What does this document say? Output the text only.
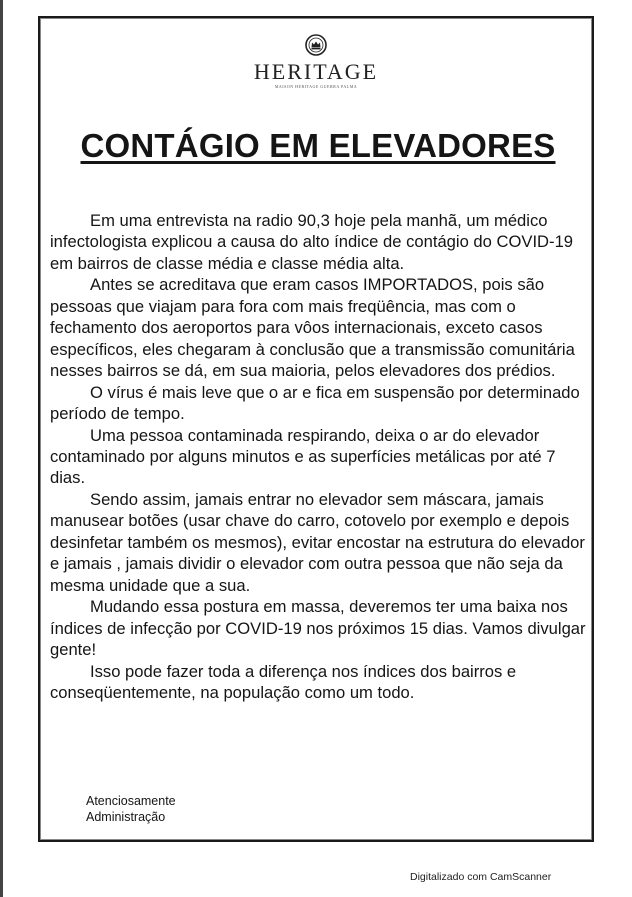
HERITAGE
MAISON HERITAGE GUERRA PALMA
CONTÁGIO EM ELEVADORES

Em uma entrevista na radio 90,3 hoje pela manhã, um médico infectologista explicou a causa do alto índice de contágio do COVID-19 em bairros de classe média e classe média alta.

Antes se acreditava que eram casos IMPORTADOS, pois são pessoas que viajam para fora com mais freqüência, mas com o fechamento dos aeroportos para vôos internacionais, exceto casos específicos, eles chegaram à conclusão que a transmissão comunitária nesses bairros se dá, em sua maioria, pelos elevadores dos prédios.

O vírus é mais leve que o ar e fica em suspensão por determinado período de tempo.

Uma pessoa contaminada respirando, deixa o ar do elevador contaminado por alguns minutos e as superfícies metálicas por até 7 dias.

Sendo assim, jamais entrar no elevador sem máscara, jamais manusear botões (usar chave do carro, cotovelo por exemplo e depois desinfetar também os mesmos), evitar encostar na estrutura do elevador e jamais , jamais dividir o elevador com outra pessoa que não seja da mesma unidade que a sua.

Mudando essa postura em massa, deveremos ter uma baixa nos índices de infecção por COVID-19 nos próximos 15 dias. Vamos divulgar gente!

Isso pode fazer toda a diferença nos índices dos bairros e conseqüentemente, na população como um todo.

Atenciosamente
Administração
Digitalizado com CamScanner
